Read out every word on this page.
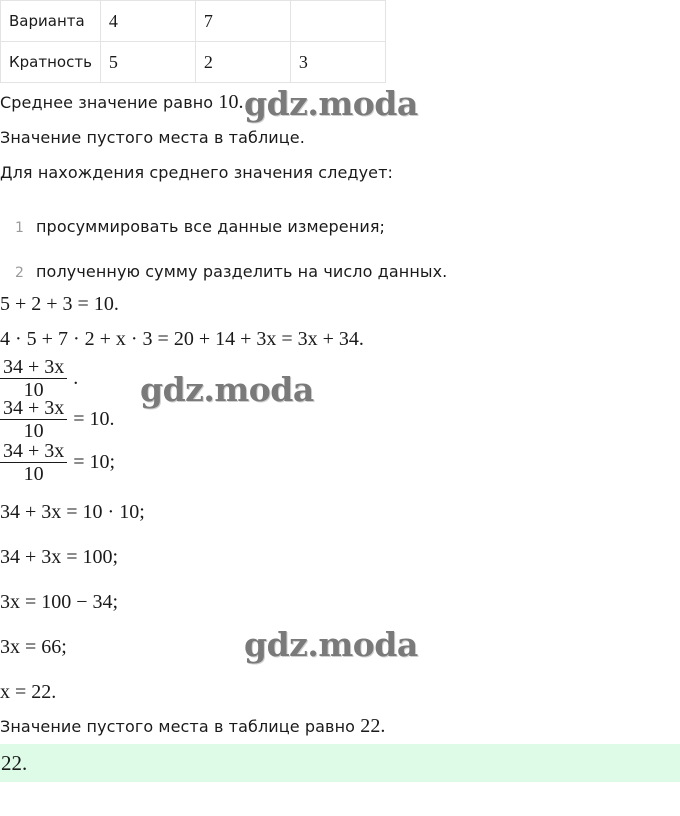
Варианта	4	7	
Кратность	5	2	3
Среднее значение равно 10.
Значение пустого места в таблице.
Для нахождения среднего значения следует:
1 просуммировать все данные измерения;
2 полученную сумму разделить на число данных.
5 + 2 + 3 = 10.
4 · 5 + 7 · 2 + x · 3 = 20 + 14 + 3x = 3x + 34.
$\frac{34 + 3x}{10}$ .
$\frac{34 + 3x}{10} = 10$.
$\frac{34 + 3x}{10} = 10$;
34 + 3x = 10 · 10;
34 + 3x = 100;
3x = 100 − 34;
3x = 66;
x = 22.
Значение пустого места в таблице равно 22.
22.
gdz.moda
gdz.moda
gdz.moda
